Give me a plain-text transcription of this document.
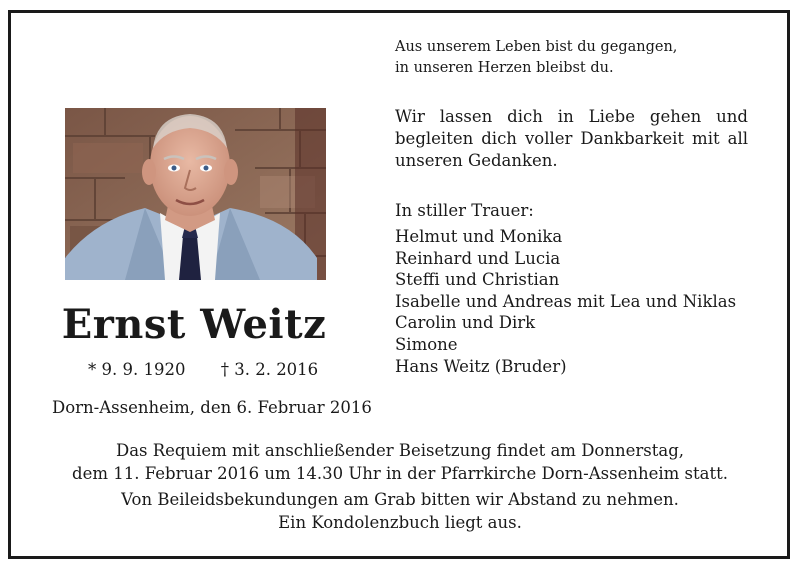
Aus unserem Leben bist du gegangen,
in unseren Herzen bleibst du.
Wir lassen dich in Liebe gehen und
begleiten dich voller Dankbarkeit mit all
unseren Gedanken.
In stiller Trauer:
Helmut und Monika
Reinhard und Lucia
Steffi und Christian
Isabelle und Andreas mit Lea und Niklas
Carolin und Dirk
Simone
Hans Weitz (Bruder)
Ernst Weitz
* 9. 9. 1920 † 3. 2. 2016
Dorn-Assenheim, den 6. Februar 2016
Das Requiem mit anschließender Beisetzung findet am Donnerstag,
dem 11. Februar 2016 um 14.30 Uhr in der Pfarrkirche Dorn-Assenheim statt.
Von Beileidsbekundungen am Grab bitten wir Abstand zu nehmen.
Ein Kondolenzbuch liegt aus.
